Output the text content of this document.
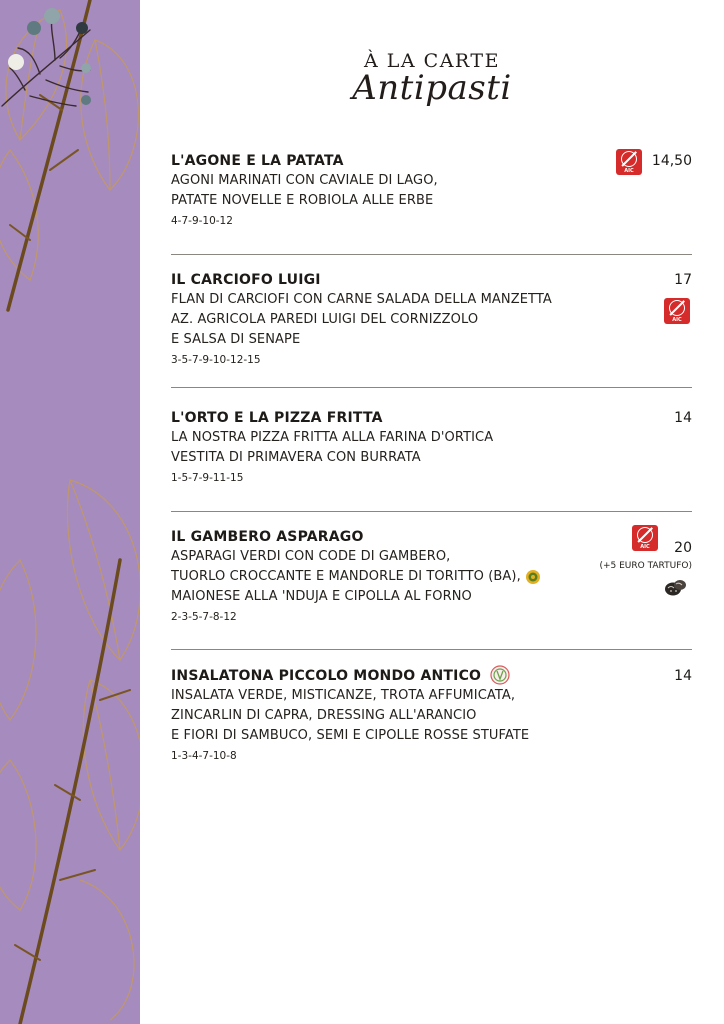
À LA CARTE
Antipasti
L'AGONE E LA PATATA
AGONI MARINATI CON CAVIALE DI LAGO,
PATATE NOVELLE E ROBIOLA ALLE ERBE
4-7-9-10-12
14,50
AIC
IL CARCIOFO LUIGI
FLAN DI CARCIOFI CON CARNE SALADA DELLA MANZETTA
AZ. AGRICOLA PAREDI LUIGI DEL CORNIZZOLO
E SALSA DI SENAPE
3-5-7-9-10-12-15
17
AIC
L'ORTO E LA PIZZA FRITTA
LA NOSTRA PIZZA FRITTA ALLA FARINA D'ORTICA
VESTITA DI PRIMAVERA CON BURRATA
1-5-7-9-11-15
14
IL GAMBERO ASPARAGO
ASPARAGI VERDI CON CODE DI GAMBERO,
TUORLO CROCCANTE E MANDORLE DI TORITTO (BA),
MAIONESE ALLA 'NDUJA E CIPOLLA AL FORNO
2-3-5-7-8-12
AIC	20
(+5 EURO TARTUFO)
INSALATONA PICCOLO MONDO ANTICO
INSALATA VERDE, MISTICANZE, TROTA AFFUMICATA,
ZINCARLIN DI CAPRA, DRESSING ALL'ARANCIO
E FIORI DI SAMBUCO, SEMI E CIPOLLE ROSSE STUFATE
1-3-4-7-10-8
14
